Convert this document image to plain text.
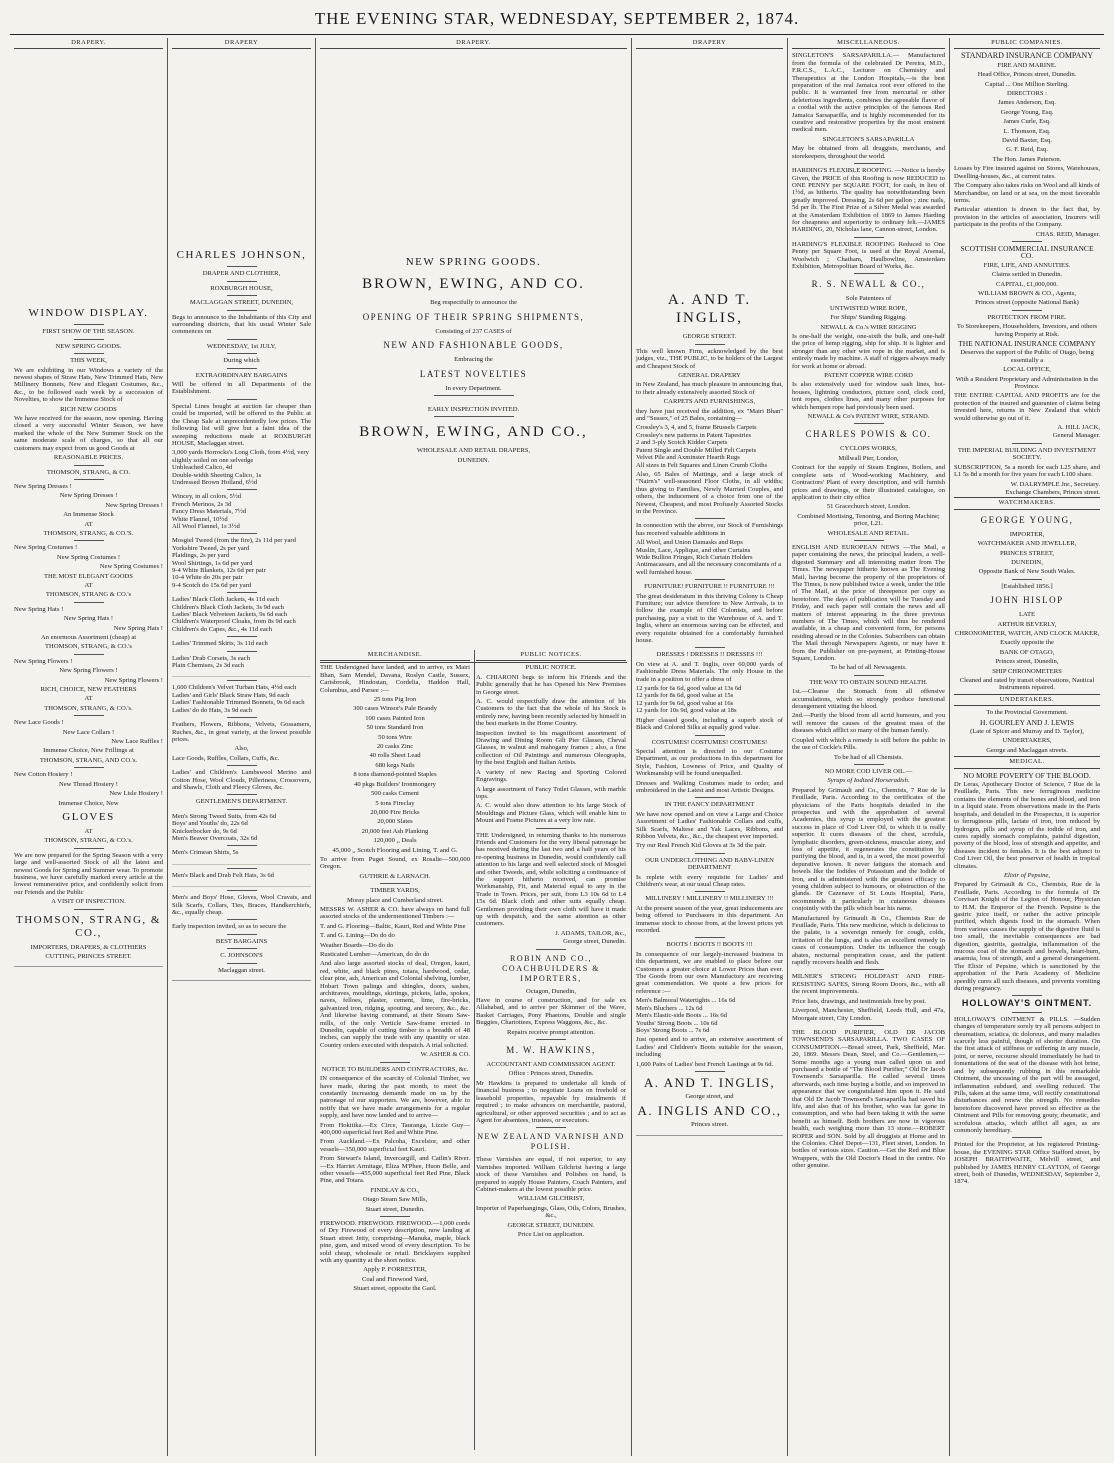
THE EVENING STAR, WEDNESDAY, SEPTEMBER 2, 1874.
DRAPERY.
WINDOW DISPLAY.
FIRST SHOW OF THE SEASON.
NEW SPRING GOODS.
THIS WEEK,

We are exhibiting in our Windows a variety of the newest shapes of Straw Hats, New Trimmed Hats, New Millinery Bonnets, New and Elegant Costumes, &c., &c., to be followed each week by a succession of Novelties, to show the Immense Stock of

RICH NEW GOODS

We have received for the season, now opening. Having closed a very successful Winter Season, we have marked the whole of the New Summer Stock on the same moderate scale of charges, so that all our customers may expect from us good Goods at

REASONABLE PRICES.
THOMSON, STRANG, & CO.
New Spring Dresses !
New Spring Dresses !
New Spring Dresses !
An Immense Stock
AT
THOMSON, STRANG, & CO.'S.
New Spring Costumes !
New Spring Costumes !
New Spring Costumes !
THE MOST ELEGANT GOODS
AT
THOMSON, STRANG & CO.'s
New Spring Hats !
New Spring Hats !
New Spring Hats !
An enormous Assortment (cheap) at
THOMSON, STRANG, & CO.'s
New Spring Flowers !
New Spring Flowers !
New Spring Flowers !
RICH, CHOICE, NEW FEATHERS
AT
THOMSON, STRANG, & CO.'s.
New Lace Goods !
New Lace Collars !
New Lace Ruffles !
Immense Choice, New Frillings at
THOMSON, STRANG, AND CO.'s.
New Cotton Hosiery !
New Thread Hosiery !
New Lisle Hosiery !
Immense Choice, New
GLOVES
AT
THOMSON, STRANG, & CO.'s.

We are now prepared for the Spring Season with a very large and well-assorted Stock of all the latest and newest Goods for Spring and Summer wear. To promote business, we have carefully marked every article at the lowest remunerative price, and confidently solicit from our Friends and the Public

A VISIT OF INSPECTION.
THOMSON, STRANG, & CO.,
IMPORTERS, DRAPERS, & CLOTHIERS
CUTTING, PRINCES STREET.
DRAPERY
CHARLES JOHNSON,
DRAPER AND CLOTHIER,
ROXBURGH HOUSE,
MACLAGGAN STREET, DUNEDIN,

Begs to announce to the Inhabitants of this City and surrounding districts, that his usual Winter Sale commences on

WEDNESDAY, 1st JULY,
During which
EXTRAORDINARY BARGAINS

Will be offered in all Departments of the Establishment.

Special Lines bought at auction far cheaper than could be imported, will be offered to the Public at the Cheap Sale at unprecedentedly low prices. The following list will give but a faint idea of the sweeping reductions made at ROXBURGH HOUSE, Maclaggan street.

3,000 yards Horrocks's Long Cloth, from 4½d, very slightly soiled on one selvedge
Unbleached Calico, 4d
Double-width Sheeting Calico, 1s
Undressed Brown Holland, 6½d
Wincey, in all colors, 5½d
French Merinos, 2s 3d
Fancy Dress Materials, 7½d
White Flannel, 10½d
All Wool Flannel, 1s 3½d
Mosgiel Tweed (from the fire), 2s 11d per yard
Yorkshire Tweed, 2s per yard
Plaidings, 2s per yard
Wool Shirtings, 1s 6d per yard
9-4 White Blankets, 12s 6d per pair
10-4 White do 20s per pair
9-4 Scotch do 15s 6d per yard
Ladies' Black Cloth Jackets, 4s 11d each
Children's Black Cloth Jackets, 3s 9d each
Ladies' Black Velveteen Jackets, 9s 6d each
Children's Waterproof Cloaks, from 8s 9d each
Children's do Capes, &c., 4s 11d each
Ladies' Trimmed Skirts, 3s 11d each
Ladies' Drab Corsets, 3s each
Plain Chemises, 2s 3d each
1,600 Children's Velvet Turban Hats, 4½d each
Ladies' and Girls' Black Straw Hats, 9d each
Ladies' Fashionable Trimmed Bonnets, 9s 6d each
Ladies' do do Hats, 3s 9d each

Feathers, Flowers, Ribbons, Velvets, Gossamers, Ruches, &c., in great variety, at the lowest possible prices.

Also,

Lace Goods, Ruffles, Collars, Cuffs, &c.

Ladies' and Children's Lambswool Merino and Cotton Hose, Wool Clouds, Pilleriness, Crossovers, and Shawls, Cloth and Fleecy Gloves, &c.

GENTLEMEN'S DEPARTMENT.
Men's Strong Tweed Suits, from 42s 6d
Boys' and Youths' do, 22s 6d
Knickerbocker do, 9s 6d
Men's Beaver Overcoats, 32s 6d
Men's Crimean Shirts, 5s
Men's Black and Drab Felt Hats, 3s 6d

Men's and Boys' Hose, Gloves, Wool Cravats, and Silk Scarfs, Collars, Ties, Braces, Handkerchiefs, &c., equally cheap.

Early inspection invited, so as to secure the

BEST BARGAINS
C. JOHNSON'S
Maclaggan street.
DRAPERY.
NEW SPRING GOODS.
BROWN, EWING, AND CO.
Beg respectfully to announce the
OPENING OF THEIR SPRING SHIPMENTS,
Consisting of 237 CASES of
NEW AND FASHIONABLE GOODS,
Embracing the
LATEST NOVELTIES
In every Department.
EARLY INSPECTION INVITED.
BROWN, EWING, AND CO.,
WHOLESALE AND RETAIL DRAPERS,
DUNEDIN.
MERCHANDISE.

THE Undersigned have landed, and to arrive, ex Mairi Bhan, Sam Mendel, Davana, Roslyn Castle, Sussex, Carisbrook, Hindostan, Cordelia, Haddon Hall, Columbus, and Parsee :—

25 tons Pig Iron
300 cases Winsor's Pale Brandy
100 cases Painted Iron
50 tons Standard Iron
50 tons Wire
20 casks Zinc
40 rolls Sheet Lead
680 kegs Nails
8 tons diamond-pointed Staples
40 pkgs Builders' Ironmongery
500 casks Cement
5 tons Fireclay
20,000 Fire Bricks
20,000 Slates
20,000 feet Ash Planking
120,000 ,, Deals
45,000 ,, Scotch Flooring and Lining, T. and G.

To arrive from Puget Sound, ex Rosalie—500,000 Oregon.

GUTHRIE & LARNACH.
TIMBER YARDS,
Moray place and Cumberland street.

MESSRS W. ASHER & CO. have always on hand full assorted stocks of the undermentioned Timbers :—

T. and G. Flooring—Baltic, Kauri, Red and White Pine

T. and G. Lining—Do do do

Weather Boards—Do do do

Rusticated Lumber—American, do do do

And also large assorted stocks of deal, Oregon, kauri, red, white, and black pines, totara, hardwood, cedar, clear pine, ash, American and Colonial shelving, lumber, Hobart Town palings and shingles, doors, sashes, architraves, mouldings, skirtings, pickets, laths, spokes, naves, felloes, plaster, cement, lime, fire-bricks, galvanized iron, ridging, spouting, and tercery, &c., &c. And likewise having command, at their Steam Saw-mills, of the only Verticle Saw-frame erected in Dunedin, capable of cutting timber to a breadth of 48 inches, can supply the trade with any quantity or size. Country orders executed with despatch. A trial solicited.

W. ASHER & CO.
NOTICE TO BUILDERS AND CONTRACTORS, &c.

IN consequence of the scarcity of Colonial Timber, we have made, during the past month, to meet the constantly increasing demands made on us by the patronage of our supporters. We are, however, able to notify that we have made arrangements for a regular supply, and have now landed and to arrive—

From Hokitika.—Ex Circe, Tauranga, Lizzie Guy—400,000 superficial feet Red and White Pine.

From Auckland.—Ex Palcoha, Excelsior, and other vessels—350,000 superficial feet Kauri.

From Stewart's Island, Invercargill, and Catlin's River.—Ex Harriet Armitage, Eliza M'Phee, Huon Belle, and other vessels—455,000 superficial feet Red Pine, Black Pine, and Totara.

FINDLAY & CO.,
Otago Steam Saw Mills,
Stuart street, Dunedin.

FIREWOOD. FIREWOOD. FIREWOOD.—1,000 cords of Dry Firewood of every description, now landing at Stuart street Jetty, comprising—Manuka, maple, black pine, gum, and mixed wood of every description. To be sold cheap, wholesale or retail. Bricklayers supplied with any quantity at the short notice.

Apply P. FORRESTER,
Coal and Firewood Yard,
Stuart street, opposite the Gaol.
PUBLIC NOTICES.
PUBLIC NOTICE.

A. CHIARONI begs to inform his Friends and the Public generally that he has Opened his New Premises in George street.

A. C. would respectfully draw the attention of his Customers to the fact that the whole of his Stock is entirely new, having been recently selected by himself in the best markets in the Home Country.

Inspection invited to his magnificent assortment of Drawing and Dining Room Gilt Pier Glasses, Cheval Glasses, in walnut and mahogany frames ; also, a fine collection of Oil Paintings and numerous Oleographs, by the best English and Italian Artists.

A variety of new Racing and Sporting Colored Engravings.

A large assortment of Fancy Toilet Glasses, with marble tops.

A. C. would also draw attention to his large Stock of Mouldings and Picture Glass, which will enable him to Mount and Frame Pictures at a very low rate.

THE Undersigned, in returning thanks to his numerous Friends and Customers for the very liberal patronage he has received during the last two and a half years of his re-opening business in Dunedin, would confidently call attention to his large and well selected stock of Mosgiel and other Tweeds, and, while soliciting a continuance of the support hitherto received, can promise Workmanship, Fit, and Material equal to any in the Trade in Town. Prices, per suit, from L3 10s 6d to L4 15s 6d. Black cloth and other suits equally cheap. Gentlemen providing their own cloth will have it made up with despatch, and the same attention as other customers.

J. ADAMS, TAILOR, &c.,
George street, Dunedin.
ROBIN AND CO., COACHBUILDERS & IMPORTERS,
Octagon, Dunedin,

Have in course of construction, and for sale ex Allahabad, and to arrive per Skimmer of the Wave, Basket Carriages, Pony Phaetons, Double and single Buggies, Chariottees, Express Waggons, &c., &c.

Repairs receive prompt attention.
M. W. HAWKINS,
ACCOUNTANT AND COMMISSION AGENT.
Office : Princes street, Dunedin.

Mr Hawkins is prepared to undertake all kinds of financial business ; to negotiate Loans on freehold or leasehold properties, repayable by instalments if required ; to make advances on merchantile, pastoral, agricultural, or other approved securities ; and to act as Agent for absentees, trustees, or executors.

NEW ZEALAND VARNISH AND POLISH.

These Varnishes are equal, if not superior, to any Varnishes imported. William Gilchrist having a large stock of these Varnishes and Polishes on hand, is prepared to supply House Painters, Coach Painters, and Cabinet-makers at the lowest possible price.

WILLIAM GILCHRIST,
Importer of Paperhangings, Glass, Oils, Colors, Brushes, &c.,
GEORGE STREET, DUNEDIN.
Price List on application.
DRAPERY
A. AND T. INGLIS,
GEORGE STREET.

This well known Firm, acknowledged by the best judges, viz., THE PUBLIC, to be holders of the Largest and Cheapest Stock of

GENERAL DRAPERY

in New Zealand, has much pleasure in announcing that, to their already extensively assorted Stock of

CARPETS AND FURNISHINGS,

they have just received the addition, ex "Mairi Bhan" and "Sussex," of 25 Bales, containing—

Crossley's 3, 4, and 5, frame Brussels Carpets
Crossley's new patterns in Patent Tapestries
2 and 3-ply Scotch Kidder Carpets
Patent Single and Double Milled Felt Carpets
Velvet Pile and Axminster Hearth Rugs
All sizes in Felt Squares and Linen Crumb Cloths

Also, 65 Bales of Mattings, and a large stock of "Nairn's" well-seasoned Floor Cloths, in all widths; thus giving to Families, Newly Married Couples, and others, the inducement of a choice from one of the Newest, Cheapest, and most Profusely Assorted Stocks in the Province.

In connection with the above, our Stock of Furnishings has received valuable additions in

All Wool, and Union Damasks and Reps
Muslin, Lace, Applique, and other Curtains
Wide Bullion Fringes, Rich Curtain Holders
Antimacassars, and all the necessary concomitants of a well furnished house.
FURNITURE! FURNITURE !! FURNITURE !!!

The great desideratum in this thriving Colony is Cheap Furniture; our advice therefore to New Arrivals, is to follow the example of Old Colonists, and before purchasing, pay a visit to the Warehouse of A. and T. Inglis, where an enormous saving can be effected, and every requisite obtained for a comfortably furnished house.

DRESSES ! DRESSES !! DRESSES !!!

On view at A. and T. Inglis, over 60,000 yards of Fashionable Dress Materials. The only House in the trade in a position to offer a dress of

12 yards for 6s 6d, good value at 13s 6d
12 yards for 8s 6d, good value at 15s
12 yards for 9s 6d, good value at 16s
12 yards for 10s 9d, good value at 18s

Higher classed goods, including a superb stock of Black and Colored Silks at equally good value.

COSTUMES! COSTUMES! COSTUMES!

Special attention is directed to our Costume Department, as our productions in this department for Style, Fashion, Lowness of Price, and Quality of Workmanship will be found unequalled.

Dresses and Walking Costumes made to order, and embroidered in the Latest and most Artistic Designs.

IN THE FANCY DEPARTMENT

We have now opened and on view a Large and Choice Assortment of Ladies' Fashionable Collars and cuffs, Silk Scarfs, Maltese and Yak Laces, Ribbons, and Ribbon Velvets, &c., &c., the cheapest ever imported.

Try our Real French Kid Gloves at 3s 3d the pair.

OUR UNDERCLOTHING AND BABY-LINEN DEPARTMENT

Is replete with every requisite for Ladies' and Children's wear, at our usual Cheap rates.

MILLINERY ! MILLINERY !! MILLINERY !!!

At the present season of the year, great inducements are being offered to Purchasers in this department. An immense stock to choose from, at the lowest prices yet recorded.

BOOTS ! BOOTS !! BOOTS !!!

In consequence of our largely-increased business in this department, we are enabled to place before our Customers a greater choice at Lower Prices than ever. The Goods from our own Manufactory are receiving great commendation. We quote a few prices for reference :—

Men's Balmoral Watertights ... 16s 6d
Men's Bluchers ... 12s 6d
Men's Elastic-side Boots ... 16s 6d
Youths' Strong Boots ... 10s 6d
Boys' Strong Boots ... 7s 6d

Just opened and to arrive, an extensive assortment of Ladies' and Children's Boots suitable for the season, including

1,600 Pairs of Ladies' best French Lastings at 9s 6d.

A. AND T. INGLIS,
George street, and
A. INGLIS AND CO.,
Princes street.
MISCELLANEOUS.

SINGLETON'S SARSAPARILLA.— Manufactured from the formula of the celebrated Dr Pereira, M.D., F.R.C.S., L.A.C., Lecturer on Chemistry and Therapeutics at the London Hospitals,—is the best preparation of the real Jamaica root ever offered to the public. It is warranted free from mercurial or other deleterious ingredients, combines the agreeable flavor of a cordial with the active principles of the famous Red Jamaica Sarsaparilla, and is highly recommended for its curative and restorative properties by the most eminent medical men.

SINGLETON'S SARSAPARILLA

May be obtained from all druggists, merchants, and storekeepers, throughout the world.

HARDING'S FLEXIBLE ROOFING. —Notice is hereby Given, the PRICE of this Roofing is now REDUCED to ONE PENNY per SQUARE FOOT, for cash, in lieu of 1½d, as hitherto. The quality has notwithstanding been greatly improved. Dressing, 2s 6d per gallon ; zinc nails, 5d per lb. The First Prize of a Silver Medal was awarded at the Amsterdam Exhibition of 1869 to James Harding for cheapness and superiority to ordinary felt.—JAMES HARDING, 20, Nicholas lane, Cannon-street, London.

HARDING'S FLEXIBLE ROOFING Reduced to One Penny per Square Foot, is used at the Royal Arsenal, Woolwich ; Chatham, Haulbowline, Amsterdam Exhibition, Metropolitan Board of Works, &c.

R. S. NEWALL & CO.,
Sole Patentees of
UNTWISTED WIRE ROPE,
For Ships' Standing Rigging.
NEWALL & Co.'s WIRE RIGGING

Is one-half the weight, one-sixth the bulk, and one-half the price of hemp rigging, ship for ship. It is lighter and stronger than any other wire rope in the market, and is entirely made by machine. A staff of riggers always ready for work at home or abroad.

PATENT COPPER WIRE CORD

Is also extensively used for window sash lines, hot-houses, lightning conductors, picture cord, clock cord, tent ropes, clothes lines, and many other purposes for which hempen rope had previously been used.

NEWALL & Co's PATENT WIRE, STRAND.
CHARLES POWIS & CO.
CYCLOPS WORKS,
Millwall Pier, London,

Contract for the supply of Steam Engines, Boilers, and complete sets of Wood-working Machinery, and Contractors' Plant of every description, and will furnish prices and drawings, or their illustrated catalogue, on application to their city office

51 Gracechurch street, London.
Combined Mortising, Tenoning, and Boring Machine; price, L21.
WHOLESALE AND RETAIL.

ENGLISH AND EUROPEAN NEWS —The Mail, a paper containing the news, the principal leaders, a well-digested Summary and all interesting matter from The Times. The newspaper hitherto known as The Evening Mail, having become the property of the proprietors of The Times, is now published twice a week, under the title of The Mail, at the price of threepence per copy as heretofore. The days of publication will be Tuesday and Friday, and each paper will contain the news and all matters of interest appearing in the three previous numbers of The Times, which will thus be rendered available, in a cheap and convenient form, for persons residing abroad or in the Colonies. Subscribers can obtain The Mail through Newspapers Agents, or may have it from the Publisher on pre-payment, at Printing-House Square, London.

To be had of all Newsagents.
THE WAY TO OBTAIN SOUND HEALTH.

1st.—Cleanse the Stomach from all offensive accumulations, which so strongly produce functional derangement vitiating the blood.

2nd.—Purify the blood from all acrid humours, and you will remove the causes of the greatest mass of the diseases which afflict so many of the human family.

Coupled with which a remedy is still before the public in the use of Cockle's Pills.

To be had of all Chemists.
NO MORE COD LIVER OIL.—
Syrups of Iodized Horseradish.

Prepared by Grimault and Co., Chemists, 7 Rue de la Feuillade, Paris. According to the certificates of the physicians of the Paris hospitals detailed in the prospectus and with the approbation of several Academies, this syrup is employed with the greatest success in place of Cod Liver Oil, to which it is really superior. It cures diseases of the chest, scrofula, lymphatic disorders, green-sickness, muscular atony, and loss of appetite, it regenerates the constitution by purifying the blood, and is, in a word, the most powerful depurative known. It never fatigues the stomach and bowels like the Iodides of Potassium and the Iodide of Iron, and is administered with the greatest efficacy to young children subject to humours, or obstruction of the glands. Dr Cazenave of St Louis Hospital, Paris, recommends it particularly in cutaneous diseases conjointly with the pills which bear his name.

Manufactured by Grimault & Co., Chemists Rue de Feuillade, Paris. This new medicine, which is delicious to the palate, is a sovereign remedy for cough, colds, irritation of the lungs, and is also an excellent remedy in cases of consumption. Under its influence the cough abates, nocturnal perspiration cease, and the patient rapidly recovers health and flesh.

MILNER'S STRONG HOLDFAST AND FIRE-RESISTING SAFES, Strong Room Doors, &c., with all the recent improvements.

Price lists, drawings, and testimonials free by post.

Liverpool, Manchester, Sheffield, Leeds Hull, and 47a, Moorgate street, City London.

THE BLOOD PURIFIER, OLD DR JACOB TOWNSEND'S SARSAPARILLA. TWO CASES OF CONSUMPTION.—Bread street, Park, Sheffield, Mar. 20, 1869. Messrs Dean, Steel, and Co.—Gentlemen,—Some months ago a young man called upon us and purchased a bottle of "The Blood Purifier," Old Dr Jacob Townsend's Sarsaparilla. He called several times afterwards, each time buying a bottle, and so improved in appearance that we congratulated him upon it. He said that Old Dr Jacob Townsend's Sarsaparilla had saved his life, and also that of his brother, who was far gone in consumption, and who had been taking it with the same benefit as himself. Both brothers are now in vigorous health, each weighing more than 13 stone.—ROBERT ROPER and SON. Sold by all druggists at Home and in the Colonies. Chief Depot—131, Fleet street, London. In bottles of various sizes. Caution.—Get the Red and Blue Wrappers, with the Old Doctor's Head in the centre. No other genuine.

PUBLIC COMPANIES.
STANDARD INSURANCE COMPANY
FIRE AND MARINE.
Head Office, Princes street, Dunedin.
Capital ... One Million Sterling.
DIRECTORS :
James Anderson, Esq.
George Young, Esq.
James Curle, Esq.
L. Thomson, Esq.
David Baxter, Esq.
G. F. Reid, Esq.
The Hon. James Paterson.

Losses by Fire insured against on Stores, Warehouses, Dwelling-houses, &c., at current rates.

The Company also takes risks on Wool and all kinds of Merchandise, on land or at sea, on the most favorable terms.

Particular attention is drawn to the fact that, by provision in the articles of association, Insurers will participate in the profits of the Company.

CHAS. REID, Manager.
SCOTTISH COMMERCIAL INSURANCE CO.
FIRE, LIFE, AND ANNUITIES.
Claims settled in Dunedin.
CAPITAL, £1,000,000.
WILLIAM BROWN & CO., Agents,
Princes street (opposite National Bank)
PROTECTION FROM FIRE.
To Storekeepers, Householders, Investors, and others having Property at Risk.
THE NATIONAL INSURANCE COMPANY
Deserves the support of the Public of Otago, being essentially a
LOCAL OFFICE,
With a Resident Proprietary and Administration in the Province.

THE ENTIRE CAPITAL AND PROFITS are for the protection of the insured and guarantee of claims being invested here, returns in New Zealand that which would otherwise go out of it.

A. HILL JACK,
General Manager.
THE IMPERIAL BUILDING AND INVESTMENT SOCIETY.

SUBSCRIPTION, 5s a month for each L25 share, and L1 5s 8d a month for five years for each L100 share.

W. DALRYMPLE Jnr., Secretary.
Exchange Chambers, Princes street.
WATCHMAKERS.
GEORGE YOUNG,
IMPORTER,
WATCHMAKER AND JEWELLER,
PRINCES STREET,
DUNEDIN,
Opposite Bank of New South Wales.
[Established 1856.]
JOHN HISLOP
LATE
ARTHUR BEVERLY,
CHRONOMETER, WATCH, AND CLOCK MAKER,
Exactly opposite the
BANK OF OTAGO,
Princes street, Dunedin,
SHIP CHRONOMETERS
Cleaned and rated by transit observations, Nautical Instruments repaired.
UNDERTAKERS.
To the Provincial Government.
H. GOURLEY AND J. LEWIS
(Late of Spicer and Murray and D. Taylor),
UNDERTAKERS,
George and Maclaggan streets.
MEDICAL.
NO MORE POVERTY OF THE BLOOD.

Dr Leras, Apothecary Doctor of Science, 7 Rue de la Feuillade, Paris. This new ferruginous medicine contains the elements of the bones and blood, and iron in a liquid state. From observations made in the Paris hospitals, and detailed in the Prospectus, it is superior to ferruginous pills, lactate of iron, iron reduced by hydrogen, pills and syrup of the iodide of iron, and cures rapidly stomach complaints, painful digestion, poverty of the blood, loss of strength and appetite, and diseases incident to females. It is the best adjunct to Cod Liver Oil, the best preserver of health in tropical climates.

Elixir of Pepsine,

Prepared by Grimault & Co., Chemists, Rue de la Feuillade, Paris. According to the formula of Dr Corvisart Knight of the Legion of Honour, Physician to H.M. the Emperor of the French. Pepsine is the gastric juice itself, or rather the active principle purified, which digests food in the stomach. When from various causes the supply of the digestive fluid is too small, the inevitable consequences are bad digestion, gastritis, gastralgia, inflammation of the mucous coat of the stomach and bowels, heart-burn, anaemia, loss of strength, and a general derangement. The Elixir of Pepsine, which is sanctioned by the approbation of the Paris Academy of Medicine speedily cures all such diseases, and prevents vomiting during pregnancy.

HOLLOWAY'S OINTMENT.

HOLLOWAY'S OINTMENT & PILLS. —Sudden changes of temperature sorely try all persons subject to rheumatism, sciatica, tic doloreux, and many maladies scarcely less painful, though of shorter duration. On the first attack of stiffness or suffering in any muscle, joint, or nerve, recourse should immediately be had to fomentations of the seat of the disease with hot brine, and by subsequently rubbing in this remarkable Ointment, the unceasing of the part will be assuaged, inflammation subdued, and swelling reduced. The Pills, taken at the same time, will rectify constitutional disturbances and renew the strength. No remedies heretofore discovered have proved so effective as the Ointment and Pills for removing gouty, rheumatic, and scrofulous attacks, which afflict all ages, as are commonly hereditary.

Printed for the Proprietor, at his registered Printing-house, the EVENING STAR Office Stafford street, by JOSEPH BRAITHWAITE, Melvill street, and published by JAMES HENRY CLAYTON, of George street, both of Dunedin, WEDNESDAY, September 2, 1874.
